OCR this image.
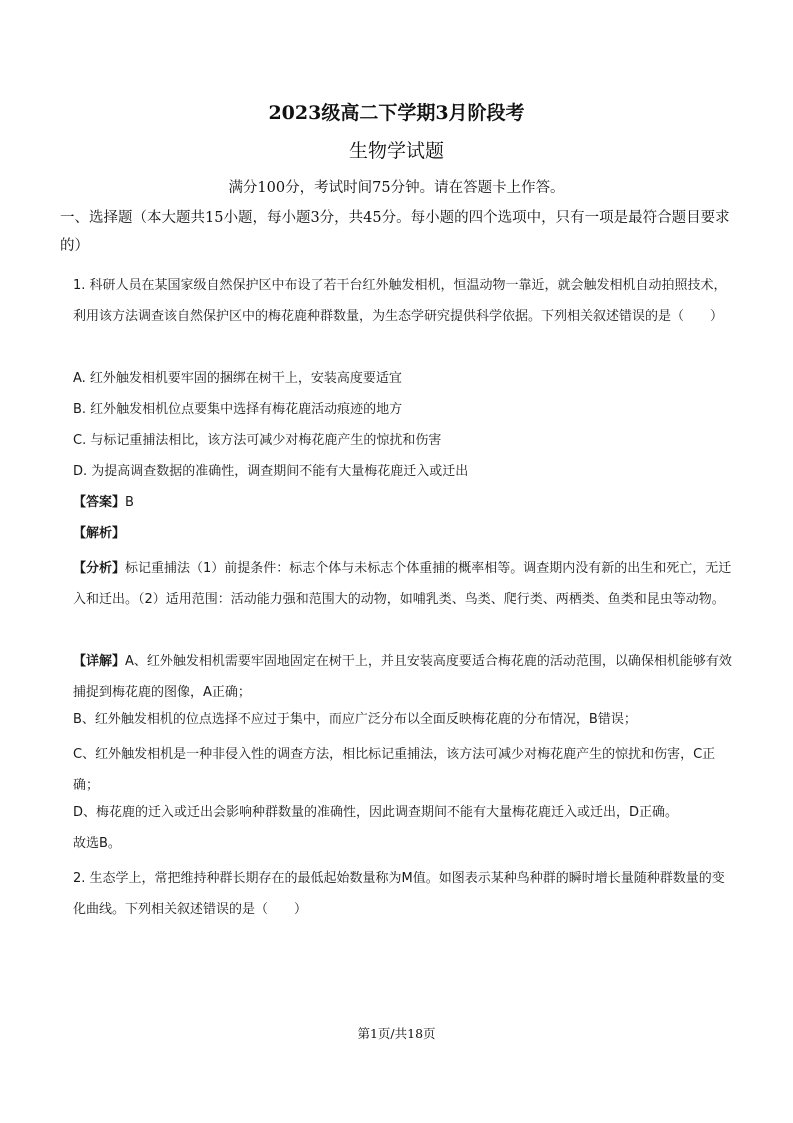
2023级高二下学期3月阶段考
生物学试题
满分100分，考试时间75分钟。请在答题卡上作答。
一、选择题（本大题共15小题，每小题3分，共45分。每小题的四个选项中，只有一项是最符合题目要求的）
1. 科研人员在某国家级自然保护区中布设了若干台红外触发相机，恒温动物一靠近，就会触发相机自动拍照技术，利用该方法调查该自然保护区中的梅花鹿种群数量，为生态学研究提供科学依据。下列相关叙述错误的是（　　）
A. 红外触发相机要牢固的捆绑在树干上，安装高度要适宜
B. 红外触发相机位点要集中选择有梅花鹿活动痕迹的地方
C. 与标记重捕法相比，该方法可减少对梅花鹿产生的惊扰和伤害
D. 为提高调查数据的准确性，调查期间不能有大量梅花鹿迁入或迁出
【答案】B
【解析】
【分析】标记重捕法（1）前提条件：标志个体与未标志个体重捕的概率相等。调查期内没有新的出生和死亡，无迁入和迁出。（2）适用范围：活动能力强和范围大的动物，如哺乳类、鸟类、爬行类、两栖类、鱼类和昆虫等动物。
【详解】A、红外触发相机需要牢固地固定在树干上，并且安装高度要适合梅花鹿的活动范围，以确保相机能够有效捕捉到梅花鹿的图像，A正确；
B、红外触发相机的位点选择不应过于集中，而应广泛分布以全面反映梅花鹿的分布情况，B错误；
C、红外触发相机是一种非侵入性的调查方法，相比标记重捕法，该方法可减少对梅花鹿产生的惊扰和伤害，C正确；
D、梅花鹿的迁入或迁出会影响种群数量的准确性，因此调查期间不能有大量梅花鹿迁入或迁出，D正确。
故选B。
2. 生态学上，常把维持种群长期存在的最低起始数量称为M值。如图表示某种鸟种群的瞬时增长量随种群数量的变化曲线。下列相关叙述错误的是（　　）
第1页/共18页
